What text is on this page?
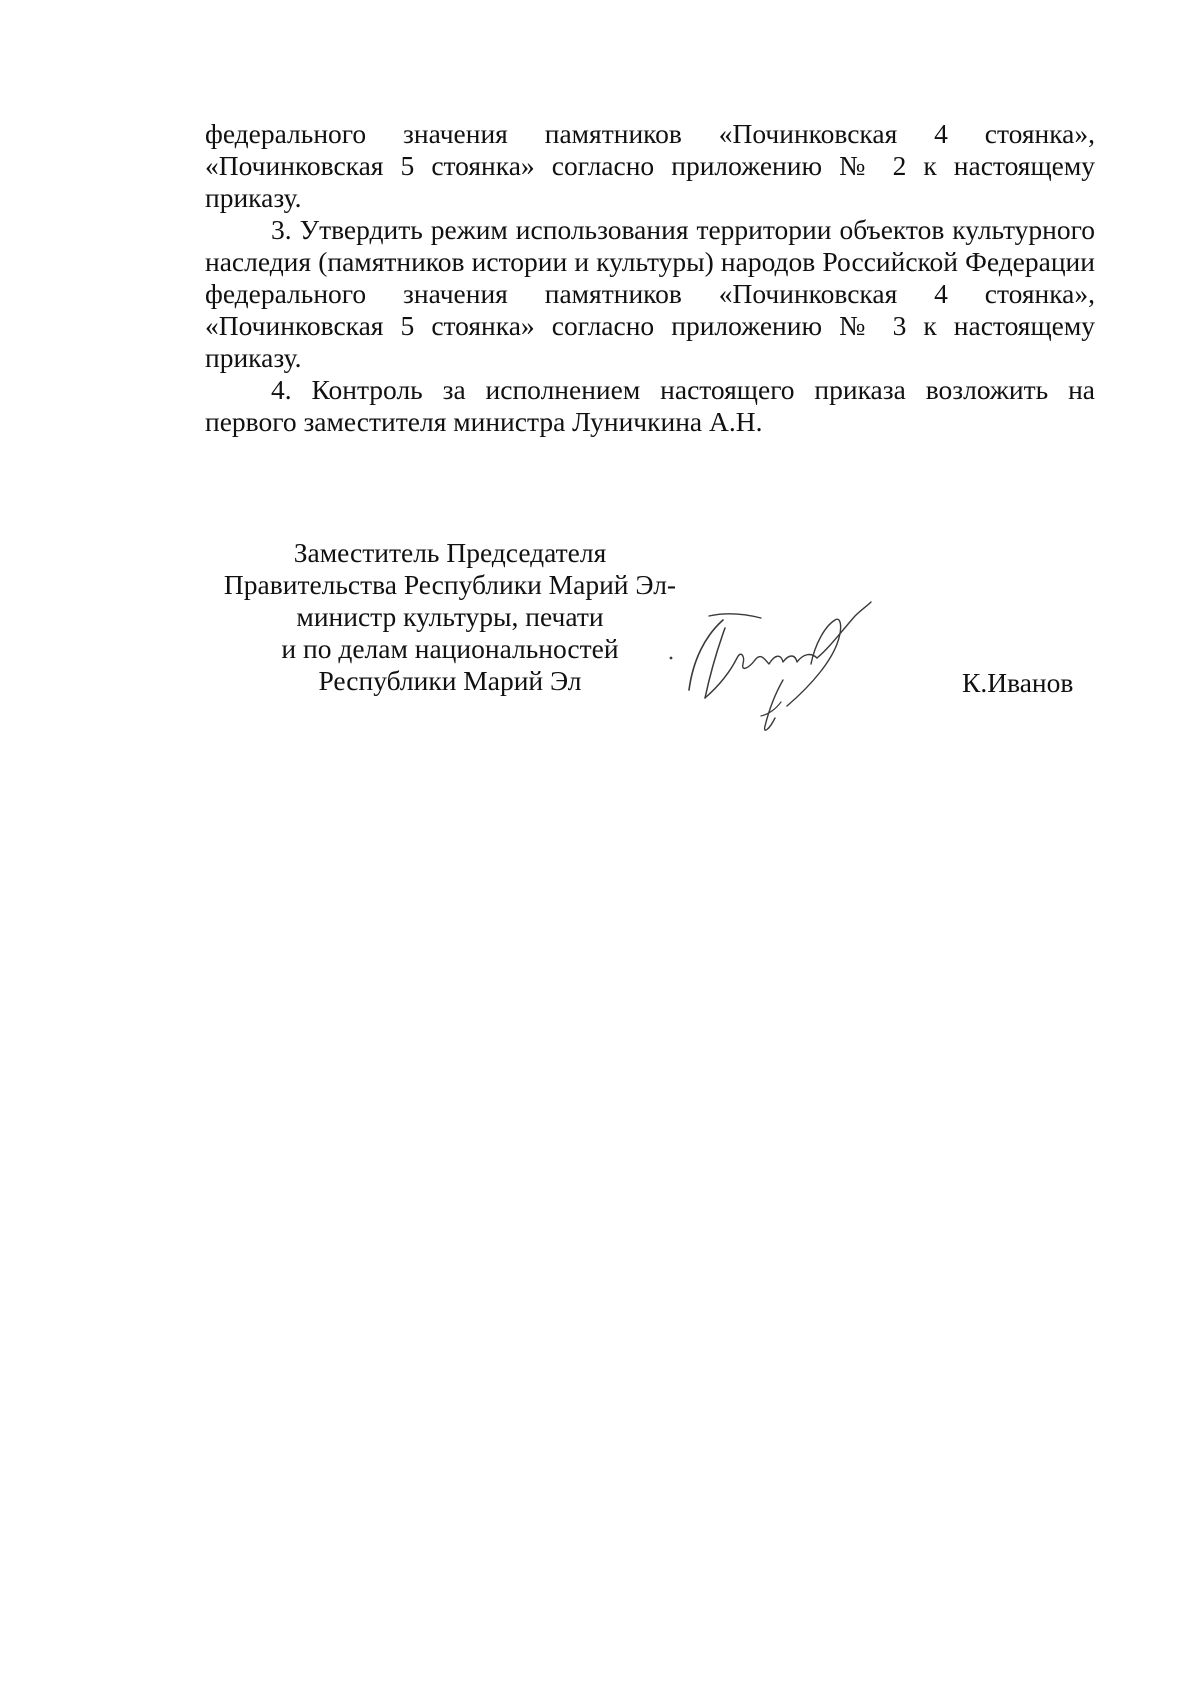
федерального значения памятников «Починковская 4 стоянка», «Починковская 5 стоянка» согласно приложению № 2 к настоящему приказу.

3. Утвердить режим использования территории объектов культурного наследия (памятников истории и культуры) народов Российской Федерации федерального значения памятников «Починковская 4 стоянка», «Починковская 5 стоянка» согласно приложению № 3 к настоящему приказу.

4. Контроль за исполнением настоящего приказа возложить на первого заместителя министра Луничкина А.Н.

Заместитель Председателя
Правительства Республики Марий Эл-
министр культуры, печати
и по делам национальностей
Республики Марий Эл	К.Иванов
